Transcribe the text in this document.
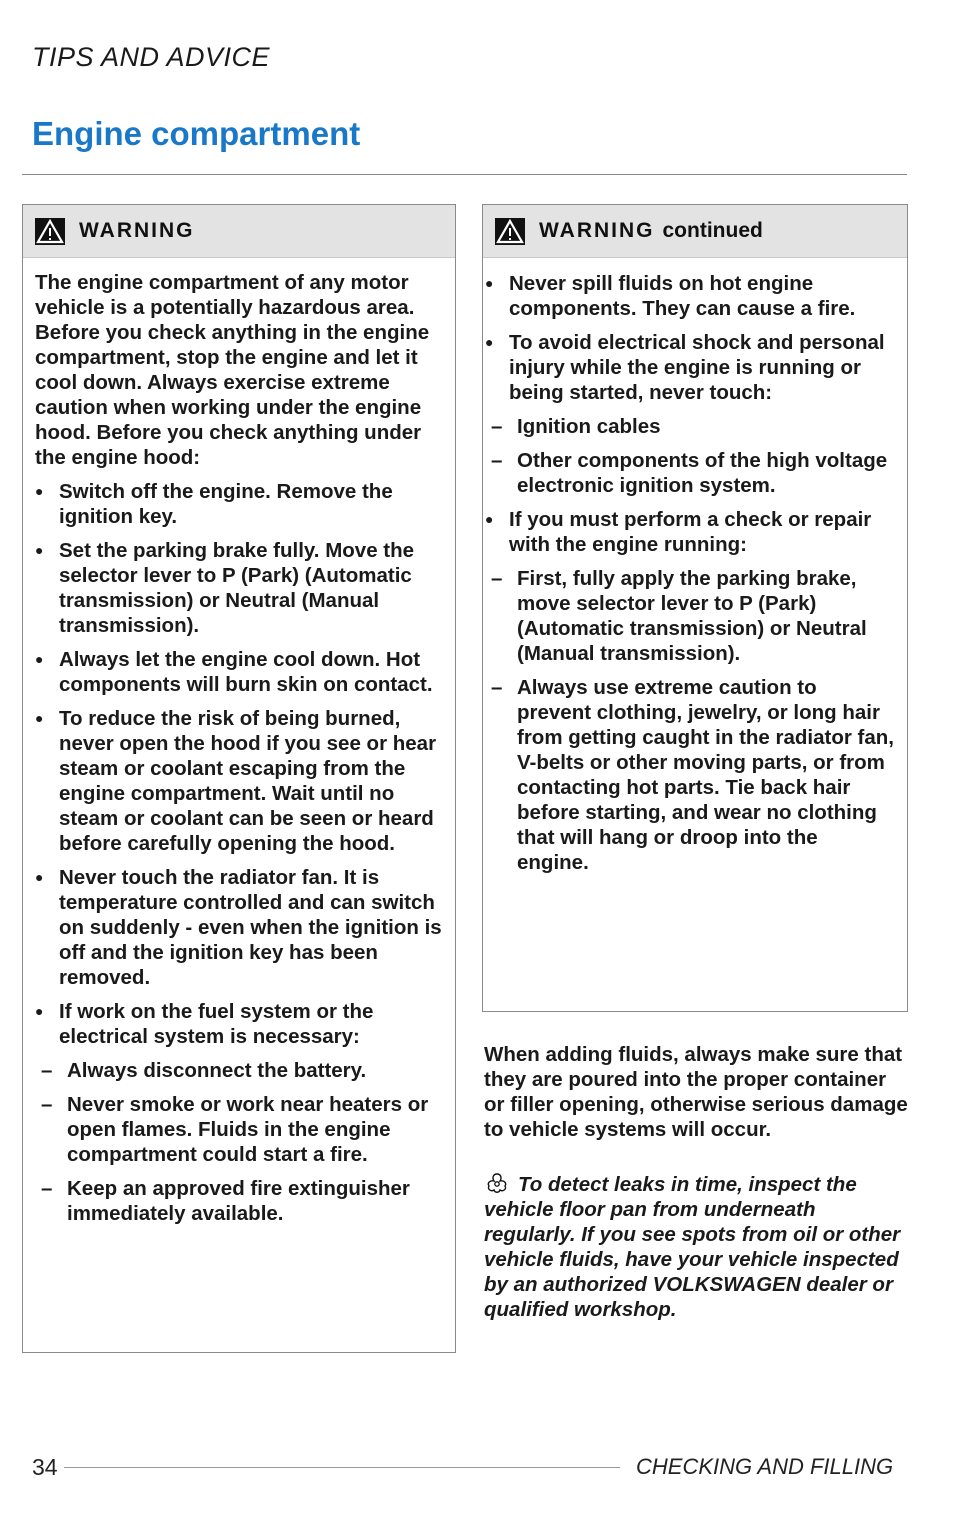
TIPS AND ADVICE
Engine compartment
WARNING

The engine compartment of any motor vehicle is a potentially hazardous area. Before you check anything in the engine compartment, stop the engine and let it cool down. Always exercise extreme caution when working under the engine hood. Before you check anything under the engine hood:

● Switch off the engine. Remove the ignition key.
● Set the parking brake fully. Move the selector lever to P (Park) (Automatic transmission) or Neutral (Manual transmission).
● Always let the engine cool down. Hot components will burn skin on contact.
● To reduce the risk of being burned, never open the hood if you see or hear steam or coolant escaping from the engine compartment. Wait until no steam or coolant can be seen or heard before carefully opening the hood.
● Never touch the radiator fan. It is temperature controlled and can switch on suddenly - even when the ignition is off and the ignition key has been removed.
● If work on the fuel system or the electrical system is necessary:
– Always disconnect the battery.
– Never smoke or work near heaters or open flames. Fluids in the engine compartment could start a fire.
– Keep an approved fire extinguisher immediately available.
WARNING continued
● Never spill fluids on hot engine components. They can cause a fire.
● To avoid electrical shock and personal injury while the engine is running or being started, never touch:
– Ignition cables
– Other components of the high voltage electronic ignition system.
● If you must perform a check or repair with the engine running:
– First, fully apply the parking brake, move selector lever to P (Park) (Automatic transmission) or Neutral (Manual transmission).
– Always use extreme caution to prevent clothing, jewelry, or long hair from getting caught in the radiator fan, V-belts or other moving parts, or from contacting hot parts. Tie back hair before starting, and wear no clothing that will hang or droop into the engine.

When adding fluids, always make sure that they are poured into the proper container or filler opening, otherwise serious damage to vehicle systems will occur.

To detect leaks in time, inspect the vehicle floor pan from underneath regularly. If you see spots from oil or other vehicle fluids, have your vehicle inspected by an authorized VOLKSWAGEN dealer or qualified workshop.
34	CHECKING AND FILLING
